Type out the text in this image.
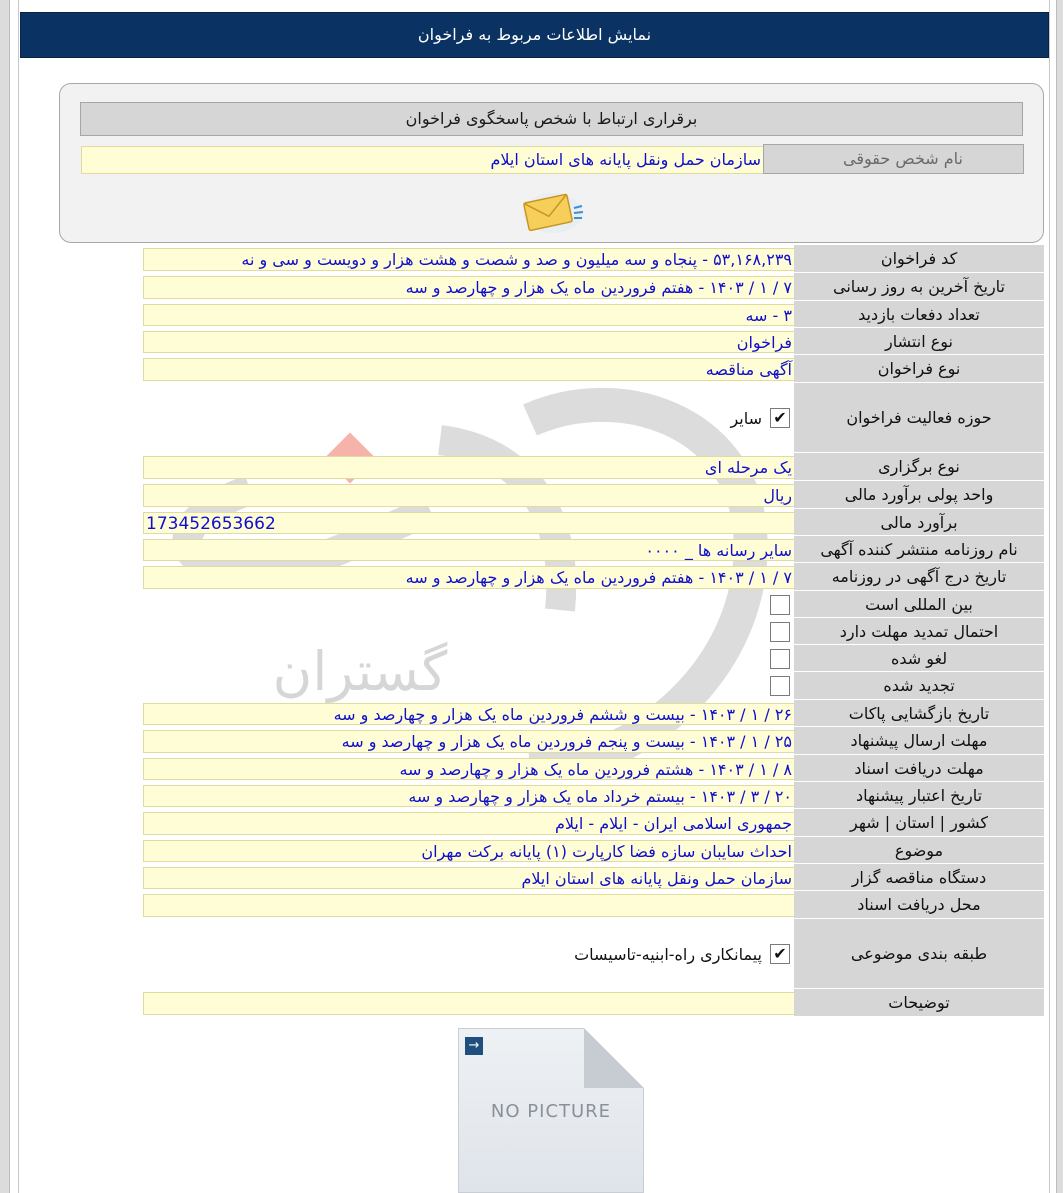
نمایش اطلاعات مربوط به فراخوان
برقراری ارتباط با شخص پاسخگوی فراخوان
نام شخص حقوقی
سازمان حمل ونقل پایانه های استان ایلام
گستران
کد فراخوان
۵۳,۱۶۸,۲۳۹ - پنجاه و سه میلیون و صد و شصت و هشت هزار و دویست و سی و نه
تاریخ آخرین به روز رسانی
۷ / ۱ / ۱۴۰۳ - هفتم فروردین ماه یک هزار و چهارصد و سه
تعداد دفعات بازدید
۳ - سه
نوع انتشار
فراخوان
نوع فراخوان
آگهی مناقصه
حوزه فعالیت فراخوان
✔
سایر
نوع برگزاری
یک مرحله ای
واحد پولی برآورد مالی
ریال
برآورد مالی
173452653662
نام روزنامه منتشر کننده آگهی
سایر رسانه ها _ ۰۰۰۰
تاریخ درج آگهی در روزنامه
۷ / ۱ / ۱۴۰۳ - هفتم فروردین ماه یک هزار و چهارصد و سه
بین المللی است
احتمال تمدید مهلت دارد
لغو شده
تجدید شده
تاریخ بازگشایی پاکات
۲۶ / ۱ / ۱۴۰۳ - بیست و ششم فروردین ماه یک هزار و چهارصد و سه
مهلت ارسال پیشنهاد
۲۵ / ۱ / ۱۴۰۳ - بیست و پنجم فروردین ماه یک هزار و چهارصد و سه
مهلت دریافت اسناد
۸ / ۱ / ۱۴۰۳ - هشتم فروردین ماه یک هزار و چهارصد و سه
تاریخ اعتبار پیشنهاد
۲۰ / ۳ / ۱۴۰۳ - بیستم خرداد ماه یک هزار و چهارصد و سه
کشور | استان | شهر
جمهوری اسلامی ایران - ایلام - ایلام
موضوع
احداث سایبان سازه فضا کارپارت (۱) پایانه برکت مهران
دستگاه مناقصه گزار
سازمان حمل ونقل پایانه های استان ایلام
محل دریافت اسناد
طبقه بندی موضوعی
✔
پیمانکاری راه-ابنیه-تاسیسات
توضیحات
→
NO PICTURE
